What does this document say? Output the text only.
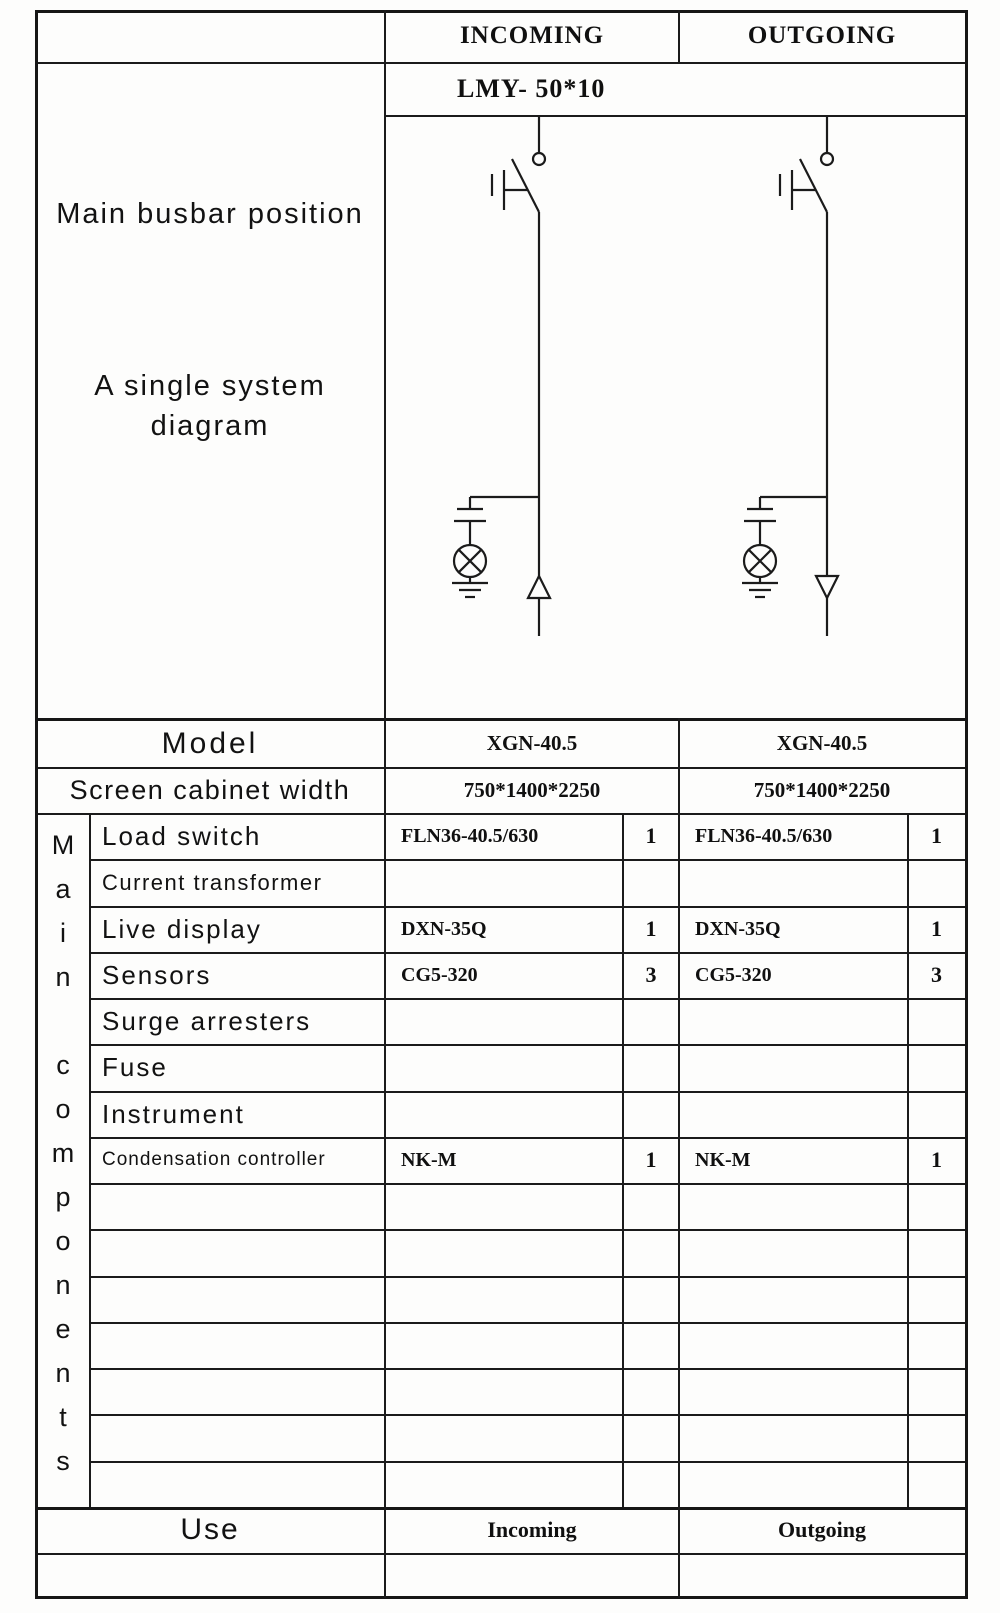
INCOMING	OUTGOING
LMY- 50*10
Main busbar position
A single system diagram
Model	XGN-40.5	XGN-40.5
Screen cabinet width	750*1400*2250	750*1400*2250
Main components Load switch	FLN36-40.5/630	1	FLN36-40.5/630	1
Current transformer
Live display	DXN-35Q	1	DXN-35Q	1
Sensors	CG5-320	3	CG5-320	3
Surge arresters
Fuse
Instrument
Condensation controller	NK-M	1	NK-M	1
Use	Incoming	Outgoing
